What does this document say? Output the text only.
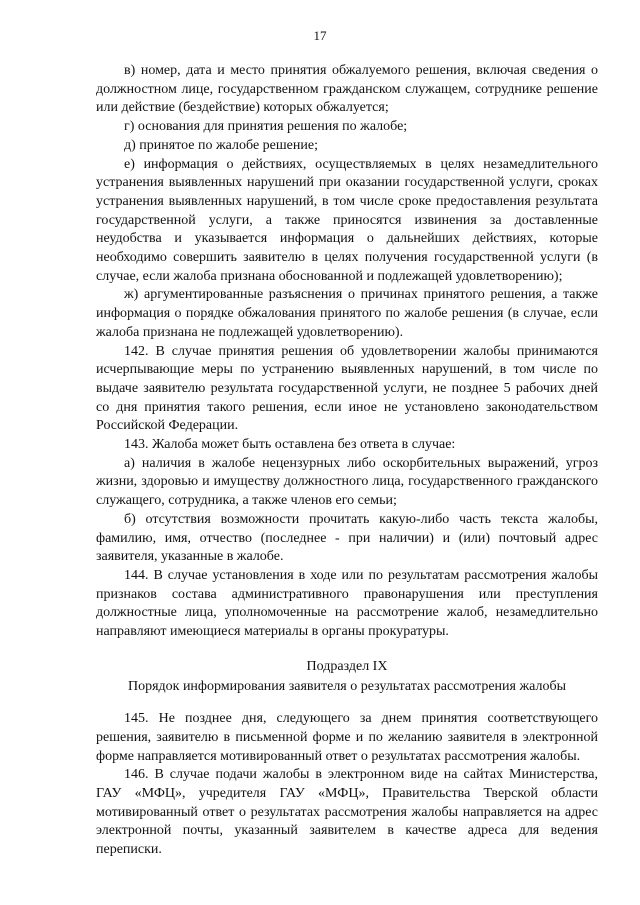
17

в) номер, дата и место принятия обжалуемого решения, включая сведения о должностном лице, государственном гражданском служащем, сотруднике решение или действие (бездействие) которых обжалуется;

г) основания для принятия решения по жалобе;

д) принятое по жалобе решение;

е) информация о действиях, осуществляемых в целях незамедлительного устранения выявленных нарушений при оказании государственной услуги, сроках устранения выявленных нарушений, в том числе сроке предоставления результата государственной услуги, а также приносятся извинения за доставленные неудобства и указывается информация о дальнейших действиях, которые необходимо совершить заявителю в целях получения государственной услуги (в случае, если жалоба признана обоснованной и подлежащей удовлетворению);

ж) аргументированные разъяснения о причинах принятого решения, а также информация о порядке обжалования принятого по жалобе решения (в случае, если жалоба признана не подлежащей удовлетворению).

142. В случае принятия решения об удовлетворении жалобы принимаются исчерпывающие меры по устранению выявленных нарушений, в том числе по выдаче заявителю результата государственной услуги, не позднее 5 рабочих дней со дня принятия такого решения, если иное не установлено законодательством Российской Федерации.

143. Жалоба может быть оставлена без ответа в случае:

а) наличия в жалобе нецензурных либо оскорбительных выражений, угроз жизни, здоровью и имуществу должностного лица, государственного гражданского служащего, сотрудника, а также членов его семьи;

б) отсутствия возможности прочитать какую-либо часть текста жалобы, фамилию, имя, отчество (последнее - при наличии) и (или) почтовый адрес заявителя, указанные в жалобе.

144. В случае установления в ходе или по результатам рассмотрения жалобы признаков состава административного правонарушения или преступления должностные лица, уполномоченные на рассмотрение жалоб, незамедлительно направляют имеющиеся материалы в органы прокуратуры.

Подраздел IX
Порядок информирования заявителя о результатах рассмотрения жалобы

145. Не позднее дня, следующего за днем принятия соответствующего решения, заявителю в письменной форме и по желанию заявителя в электронной форме направляется мотивированный ответ о результатах рассмотрения жалобы.

146. В случае подачи жалобы в электронном виде на сайтах Министерства, ГАУ «МФЦ», учредителя ГАУ «МФЦ», Правительства Тверской области мотивированный ответ о результатах рассмотрения жалобы направляется на адрес электронной почты, указанный заявителем в качестве адреса для ведения переписки.
